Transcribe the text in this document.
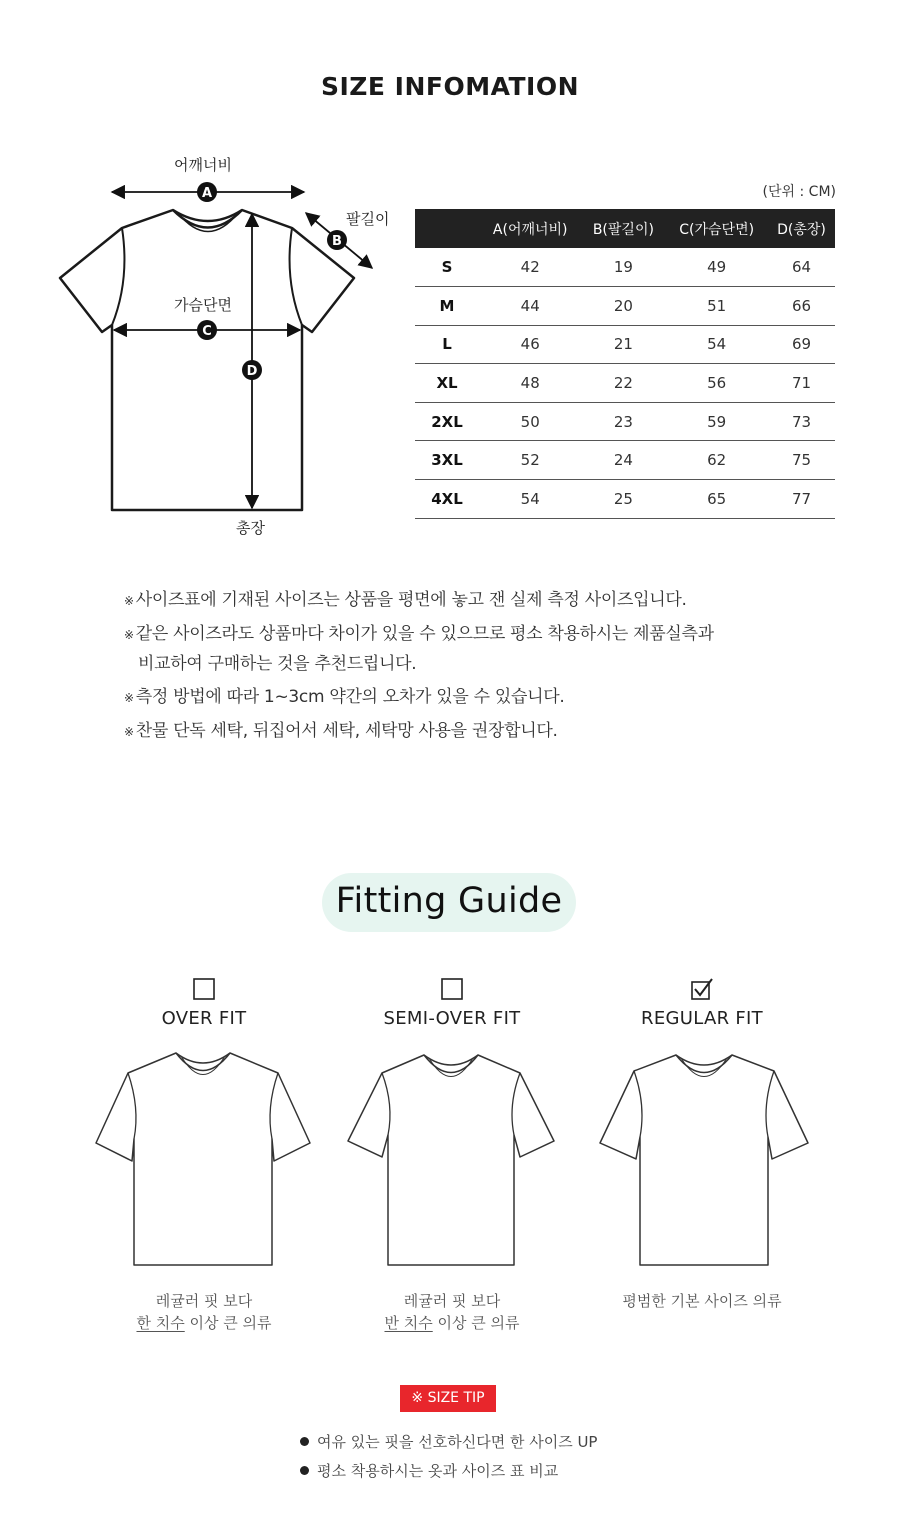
SIZE INFOMATION
A
B
C
D
어깨너비
팔길이
가슴단면
총장
(단위 : CM)
	A(어깨너비)	B(팔길이)	C(가슴단면)	D(총장)
S	42	19	49	64
M	44	20	51	66
L	46	21	54	69
XL	48	22	56	71
2XL	50	23	59	73
3XL	52	24	62	75
4XL	54	25	65	77
※ 사이즈표에 기재된 사이즈는 상품을 평면에 놓고 잰 실제 측정 사이즈입니다.
※ 같은 사이즈라도 상품마다 차이가 있을 수 있으므로 평소 착용하시는 제품실측과
비교하여 구매하는 것을 추천드립니다.
※ 측정 방법에 따라 1~3cm 약간의 오차가 있을 수 있습니다.
※ 찬물 단독 세탁, 뒤집어서 세탁, 세탁망 사용을 권장합니다.
Fitting Guide
OVER FIT
레귤러 핏 보다
한 치수 이상 큰 의류
SEMI-OVER FIT
레귤러 핏 보다
반 치수 이상 큰 의류
REGULAR FIT
평범한 기본 사이즈 의류
※ SIZE TIP
여유 있는 핏을 선호하신다면 한 사이즈 UP
평소 착용하시는 옷과 사이즈 표 비교
